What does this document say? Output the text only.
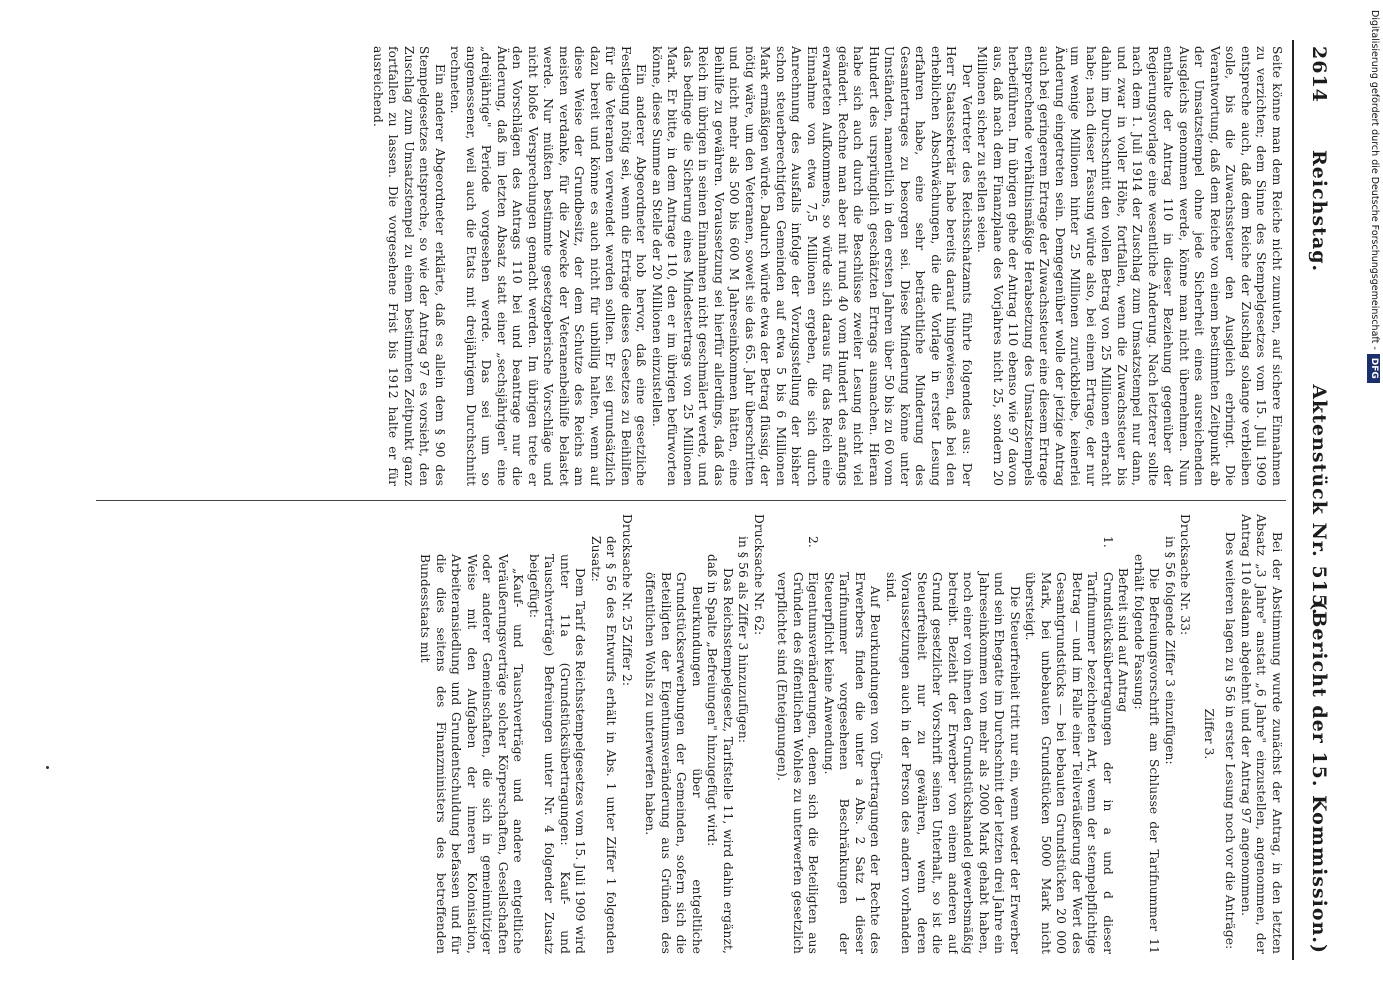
2614
Reichstag.
Aktenstück Nr. 515.
(Bericht der 15. Kommission.)

Seite könne man dem Reiche nicht zumuten, auf sichere Einnahmen zu verzichten; dem Sinne des Stempelgesetzes vom 15. Juli 1909 entspreche auch, daß dem Reiche der Zuschlag solange verbleiben solle, bis die Zuwachssteuer den Ausgleich erbringt. Die Verantwortung, daß dem Reiche von einem bestimmten Zeitpunkt ab der Umsatzstempel ohne jede Sicherheit eines ausreichenden Ausgleichs genommen werde, könne man nicht übernehmen. Nun enthalte der Antrag 110 in dieser Beziehung gegenüber der Regierungsvorlage eine wesentliche Änderung. Nach letzterer sollte nach dem 1. Juli 1914 der Zuschlag zum Umsatzstempel nur dann, und zwar in voller Höhe, fortfallen, wenn die Zuwachssteuer bis dahin im Durchschnitt den vollen Betrag von 25 Millionen erbracht habe; nach dieser Fassung würde also, bei einem Ertrage, der nur um wenige Millionen hinter 25 Millionen zurückbleibe, keinerlei Änderung eingetreten sein. Demgegenüber wolle der jetzige Antrag auch bei geringerem Ertrage der Zuwachssteuer eine diesem Ertrage entsprechende verhältnismäßige Herabsetzung des Umsatzstempels herbeiführen. Im übrigen gehe der Antrag 110 ebenso wie 97 davon aus, daß nach dem Finanzplane des Vorjahres nicht 25, sondern 20 Millionen sicher zu stellen seien.

Der Vertreter des Reichsschatzamts führte folgendes aus: Der Herr Staatssekretär habe bereits darauf hingewiesen, daß bei den erheblichen Abschwächungen, die die Vorlage in erster Lesung erfahren habe, eine sehr beträchtliche Minderung des Gesamtertrages zu besorgen sei. Diese Minderung könne unter Umständen, namentlich in den ersten Jahren über 50 bis zu 60 vom Hundert des ursprünglich geschätzten Ertrags ausmachen. Hieran habe sich auch durch die Beschlüsse zweiter Lesung nicht viel geändert. Rechne man aber mit rund 40 vom Hundert des anfangs erwarteten Aufkommens, so würde sich daraus für das Reich eine Einnahme von etwa 7,5 Millionen ergeben, die sich durch Anrechnung des Ausfalls infolge der Vorzugsstellung der bisher schon steuerberechtigten Gemeinden auf etwa 5 bis 6 Millionen Mark ermäßigen würde. Dadurch würde etwa der Betrag flüssig, der nötig wäre, um den Veteranen, soweit sie das 65. Jahr überschritten und nicht mehr als 500 bis 600 M Jahreseinkommen hätten, eine Beihilfe zu gewähren. Voraussetzung sei hierfür allerdings, daß das Reich im übrigen in seinen Einnahmen nicht geschmälert werde, und das bedinge die Sicherung eines Mindestertrags von 25 Millionen Mark. Er bitte, in dem Antrage 110, den er im übrigen befürworten könne, diese Summe an Stelle der 20 Millionen einzustellen.

Ein anderer Abgeordneter hob hervor, daß eine gesetzliche Festlegung nötig sei, wenn die Erträge dieses Gesetzes zu Beihilfen für die Veteranen verwendet werden sollten. Er sei grundsätzlich dazu bereit und könne es auch nicht für unbillig halten, wenn auf diese Weise der Grundbesitz, der dem Schutze des Reichs am meisten verdanke, für die Zwecke der Veteranenbeihilfe belastet werde. Nur müßten bestimmte gesetzgeberische Vorschläge und nicht bloße Versprechungen gemacht werden. Im übrigen trete er den Vorschlägen des Antrags 110 bei und beantrage nur die Änderung, daß im letzten Absatz statt einer „sechsjährigen" eine „dreijährige" Periode vorgesehen werde. Das sei um so angemessener, weil auch die Etats mit dreijährigem Durchschnitt rechneten.

Ein anderer Abgeordneter erklärte, daß es allein dem § 90 des Stempelgesetzes entspreche, so wie der Antrag 97 es vorsieht, den Zuschlag zum Umsatzstempel zu einem bestimmten Zeitpunkt ganz fortfallen zu lassen. Die vorgesehene Frist bis 1912 halte er für ausreichend.

Bei der Abstimmung wurde zunächst der Antrag, in den letzten Absatz „3 Jahre" anstatt „6 Jahre" einzustellen, angenommen, der Antrag 110 alsdann abgelehnt und der Antrag 97 angenommen.

Des weiteren lagen zu § 56 in erster Lesung noch vor die Anträge:

Ziffer 3.

Drucksache Nr. 33:

in § 56 folgende Ziffer 3 einzufügen:

Die Befreiungsvorschrift am Schlusse der Tarifnummer 11 erhält folgende Fassung:

Befreit sind auf Antrag

1.Grundstücksübertragungen der in a und d dieser Tarifnummer bezeichneten Art, wenn der stempelpflichtige Betrag — und im Falle einer Teilveräußerung der Wert des Gesamtgrundstücks — bei bebauten Grundstücken 20 000 Mark, bei unbebauten Grundstücken 5000 Mark nicht übersteigt.

Die Steuerfreiheit tritt nur ein, wenn weder der Erwerber und sein Ehegatte im Durchschnitt der letzten drei Jahre ein Jahreseinkommen von mehr als 2000 Mark gehabt haben, noch einer von ihnen den Grundstückshandel gewerbsmäßig betreibt. Bezieht der Erwerber von einem anderen auf Grund gesetzlicher Vorschrift seinen Unterhalt, so ist die Steuerfreiheit nur zu gewähren, wenn deren Voraussetzungen auch in der Person des andern vorhanden sind.

Auf Beurkundungen von Übertragungen der Rechte des Erwerbers finden die unter a Abs. 2 Satz 1 dieser Tarifnummer vorgesehenen Beschränkungen der Steuerpflicht keine Anwendung.

2.Eigentumsveränderungen, denen sich die Beteiligten aus Gründen des öffentlichen Wohles zu unterwerfen gesetzlich verpflichtet sind (Enteignungen).

Drucksache Nr. 62:

in § 56 als Ziffer 3 hinzuzufügen:

Das Reichsstempelgesetz, Tarifstelle 11, wird dahin ergänzt, daß in Spalte „Befreiungen" hinzugefügt wird:

Beurkundungen über entgeltliche Grundstückserwerbungen der Gemeinden, sofern sich die Beteiligten der Eigentumsveränderung aus Gründen des öffentlichen Wohls zu unterwerfen haben.

Drucksache Nr. 25 Ziffer 2:

der § 56 des Entwurfs erhält in Abs. 1 unter Ziffer 1 folgenden Zusatz:

Dem Tarif des Reichsstempelgesetzes vom 15. Juli 1909 wird unter 11a (Grundstücksübertragungen: Kauf- und Tauschverträge) Befreiungen unter Nr. 4 folgender Zusatz beigefügt:

„Kauf- und Tauschverträge und andere entgeltliche Veräußerungsverträge solcher Körperschaften, Gesellschaften oder anderer Gemeinschaften, die sich in gemeinnütziger Weise mit den Aufgaben der inneren Kolonisation, Arbeiteransiedlung und Grundentschuldung befassen und für die dies seitens des Finanzministers des betreffenden Bundesstaats mit

Digitalisierung gefördert durch die Deutsche Forschungsgemeinschaft -DFG
